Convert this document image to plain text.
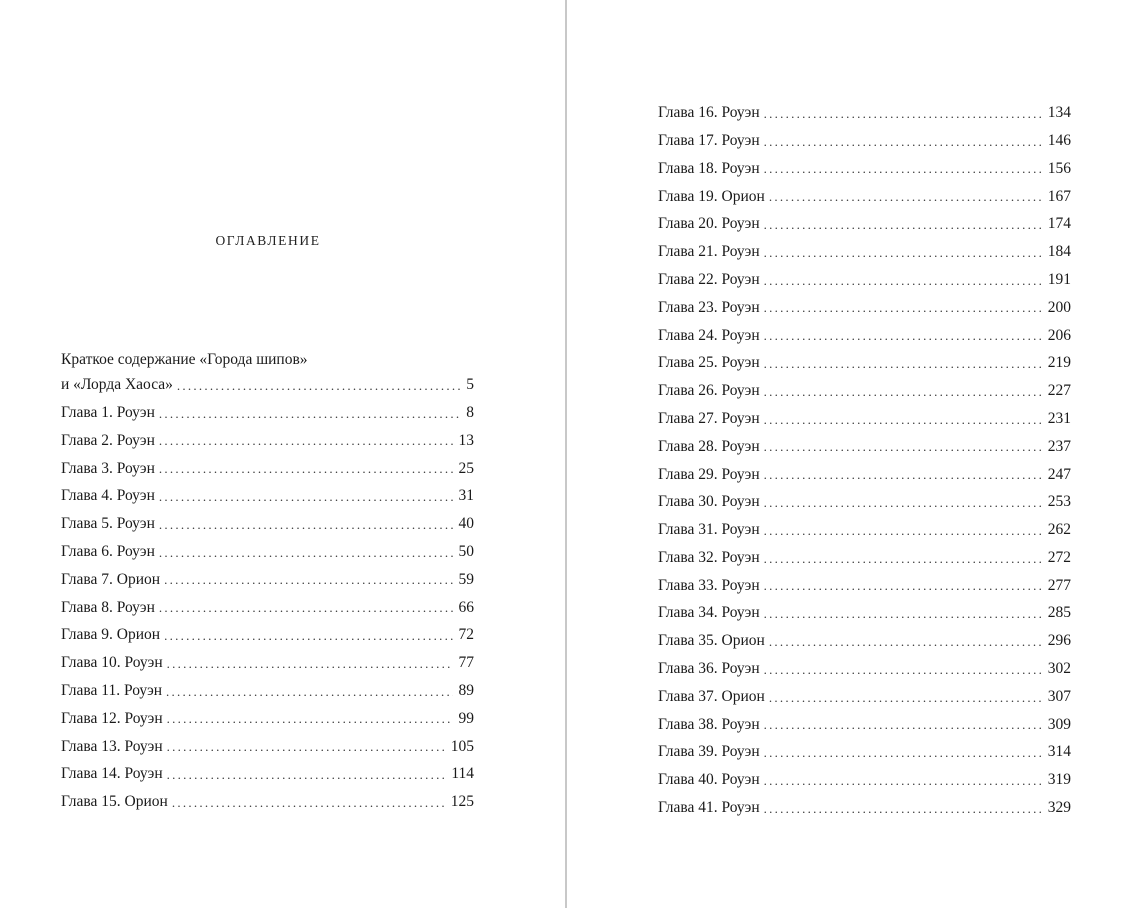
ОГЛАВЛЕНИЕ
Краткое содержание «Города шипов»
и «Лорда Хаоса» . . .	5
Глава 1. Роуэн . . .	8
Глава 2. Роуэн . . .	13
Глава 3. Роуэн . . .	25
Глава 4. Роуэн . . .	31
Глава 5. Роуэн . . .	40
Глава 6. Роуэн . . .	50
Глава 7. Орион . . .	59
Глава 8. Роуэн . . .	66
Глава 9. Орион . . .	72
Глава 10. Роуэн . . .	77
Глава 11. Роуэн . . .	89
Глава 12. Роуэн . . .	99
Глава 13. Роуэн . . .	105
Глава 14. Роуэн . . .	114
Глава 15. Орион . . .	125
Глава 16. Роуэн . . .	134
Глава 17. Роуэн . . .	146
Глава 18. Роуэн . . .	156
Глава 19. Орион . . .	167
Глава 20. Роуэн . . .	174
Глава 21. Роуэн . . .	184
Глава 22. Роуэн . . .	191
Глава 23. Роуэн . . .	200
Глава 24. Роуэн . . .	206
Глава 25. Роуэн . . .	219
Глава 26. Роуэн . . .	227
Глава 27. Роуэн . . .	231
Глава 28. Роуэн . . .	237
Глава 29. Роуэн . . .	247
Глава 30. Роуэн . . .	253
Глава 31. Роуэн . . .	262
Глава 32. Роуэн . . .	272
Глава 33. Роуэн . . .	277
Глава 34. Роуэн . . .	285
Глава 35. Орион . . .	296
Глава 36. Роуэн . . .	302
Глава 37. Орион . . .	307
Глава 38. Роуэн . . .	309
Глава 39. Роуэн . . .	314
Глава 40. Роуэн . . .	319
Глава 41. Роуэн . . .	329
